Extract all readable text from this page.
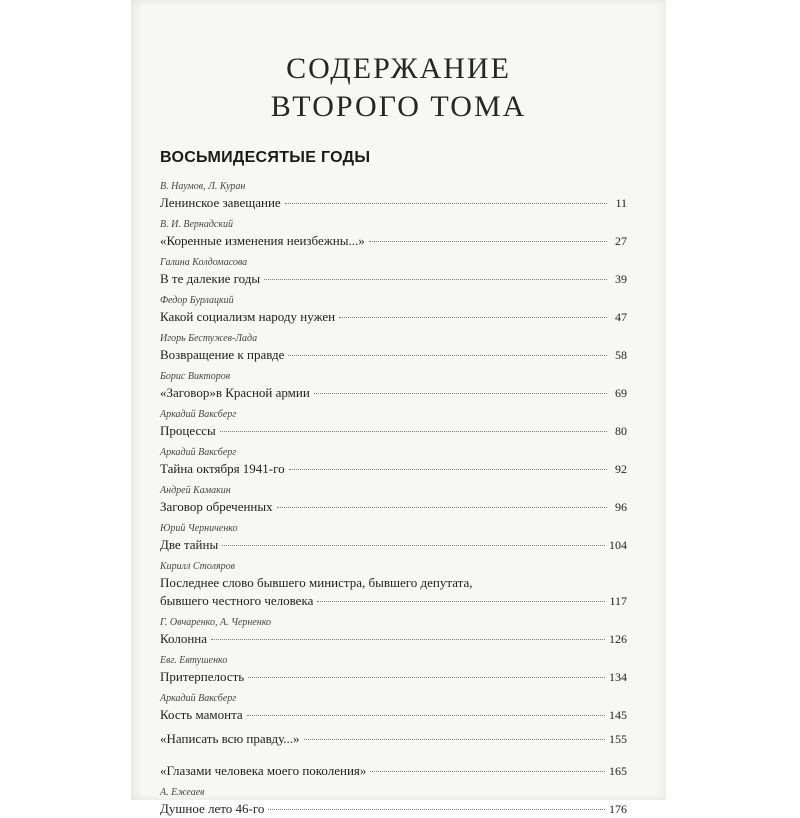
СОДЕРЖАНИЕ
ВТОРОГО ТОМА
ВОСЬМИДЕСЯТЫЕ ГОДЫ
В. Наумов, Л. Куран
Ленинское завещание	11
В. И. Вернадский
«Коренные изменения неизбежны...»	27
Галина Колдомасова
В те далекие годы	39
Федор Бурлацкий
Какой социализм народу нужен	47
Игорь Бестужев-Лада
Возвращение к правде	58
Борис Викторов
«Заговор»в Красной армии	69
Аркадий Ваксберг
Процессы	80
Аркадий Ваксберг
Тайна октября 1941-го	92
Андрей Камакин
Заговор обреченных	96
Юрий Черниченко
Две тайны	104
Кирилл Столяров
Последнее слово бывшего министра, бывшего депутата,
бывшего честного человека	117
Г. Овчаренко, А. Черненко
Колонна	126
Евг. Евтушенко
Притерпелость	134
Аркадий Ваксберг
Кость мамонта	145
«Написать всю правду...»	155
«Глазами человека моего поколения»	165
А. Ежеаев
Душное лето 46-го	176
